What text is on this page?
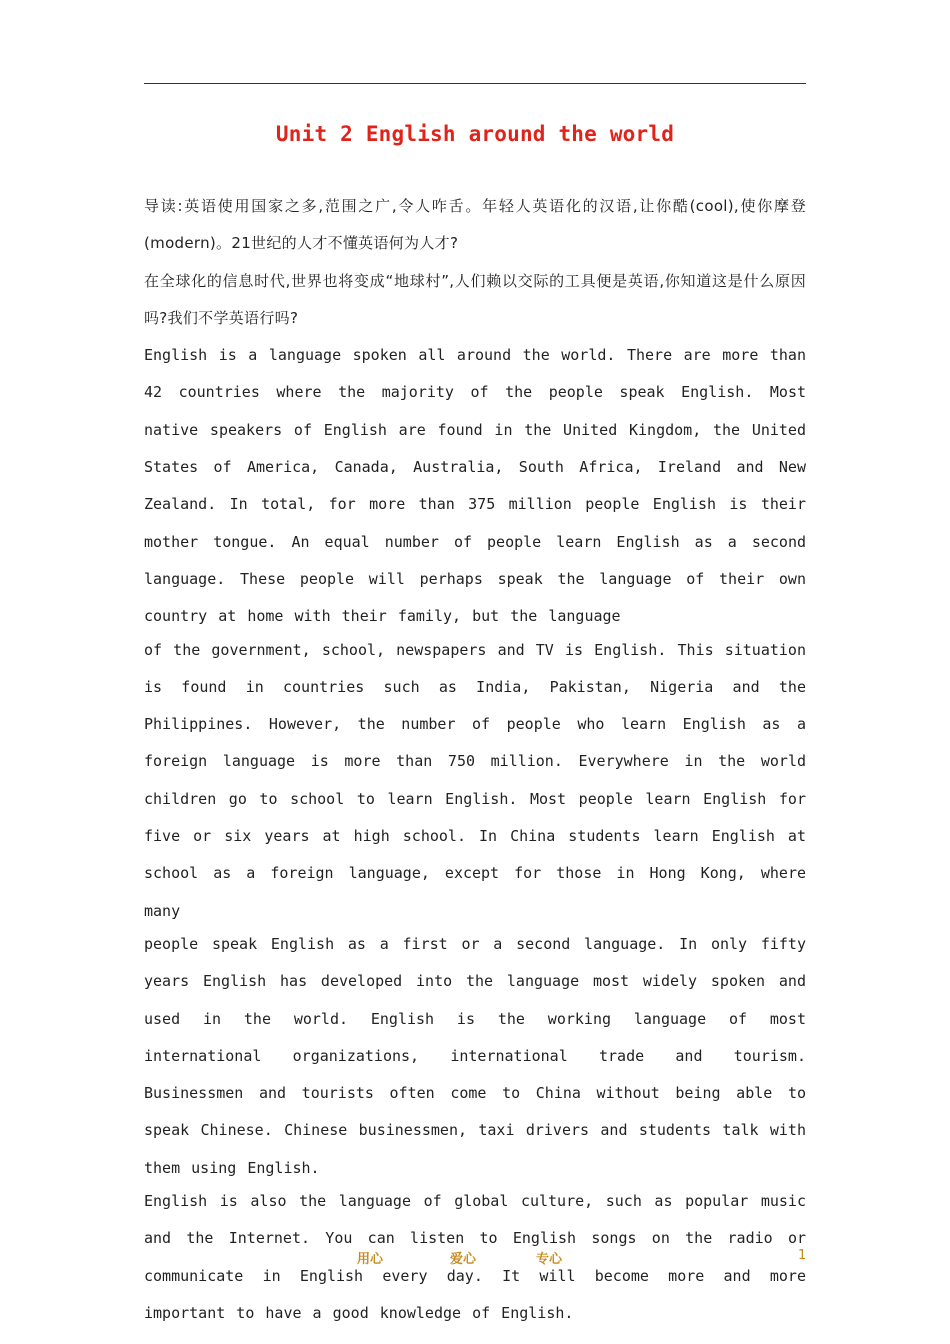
Unit 2 English around the world

导读:英语使用国家之多,范围之广,令人咋舌。年轻人英语化的汉语,让你酷(cool),使你摩登(modern)。21世纪的人才不懂英语何为人才?

在全球化的信息时代,世界也将变成“地球村”,人们赖以交际的工具便是英语,你知道这是什么原因吗?我们不学英语行吗?

English is a language spoken all around the world. There are more than 42 countries where the majority of the people speak English. Most native speakers of English are found in the United Kingdom, the United States of America, Canada, Australia, South Africa, Ireland and New Zealand. In total, for more than 375 million people English is their mother tongue. An equal number of people learn English as a second language. These people will perhaps speak the language of their own country at home with their family, but the language

of the government, school, newspapers and TV is English. This situation is found in countries such as India, Pakistan, Nigeria and the Philippines. However, the number of people who learn English as a foreign language is more than 750 million. Everywhere in the world children go to school to learn English. Most people learn English for five or six years at high school. In China students learn English at school as a foreign language, except for those in Hong Kong, where many

people speak English as a first or a second language. In only fifty years English has developed into the language most widely spoken and used in the world. English is the working language of most international organizations, international trade and tourism. Businessmen and tourists often come to China without being able to speak Chinese. Chinese businessmen, taxi drivers and students talk with them using English.

English is also the language of global culture, such as popular music and the Internet. You can listen to English songs on the radio or communicate in English every day. It will become more and more important to have a good knowledge of English.

用心	爱心	专心	1
